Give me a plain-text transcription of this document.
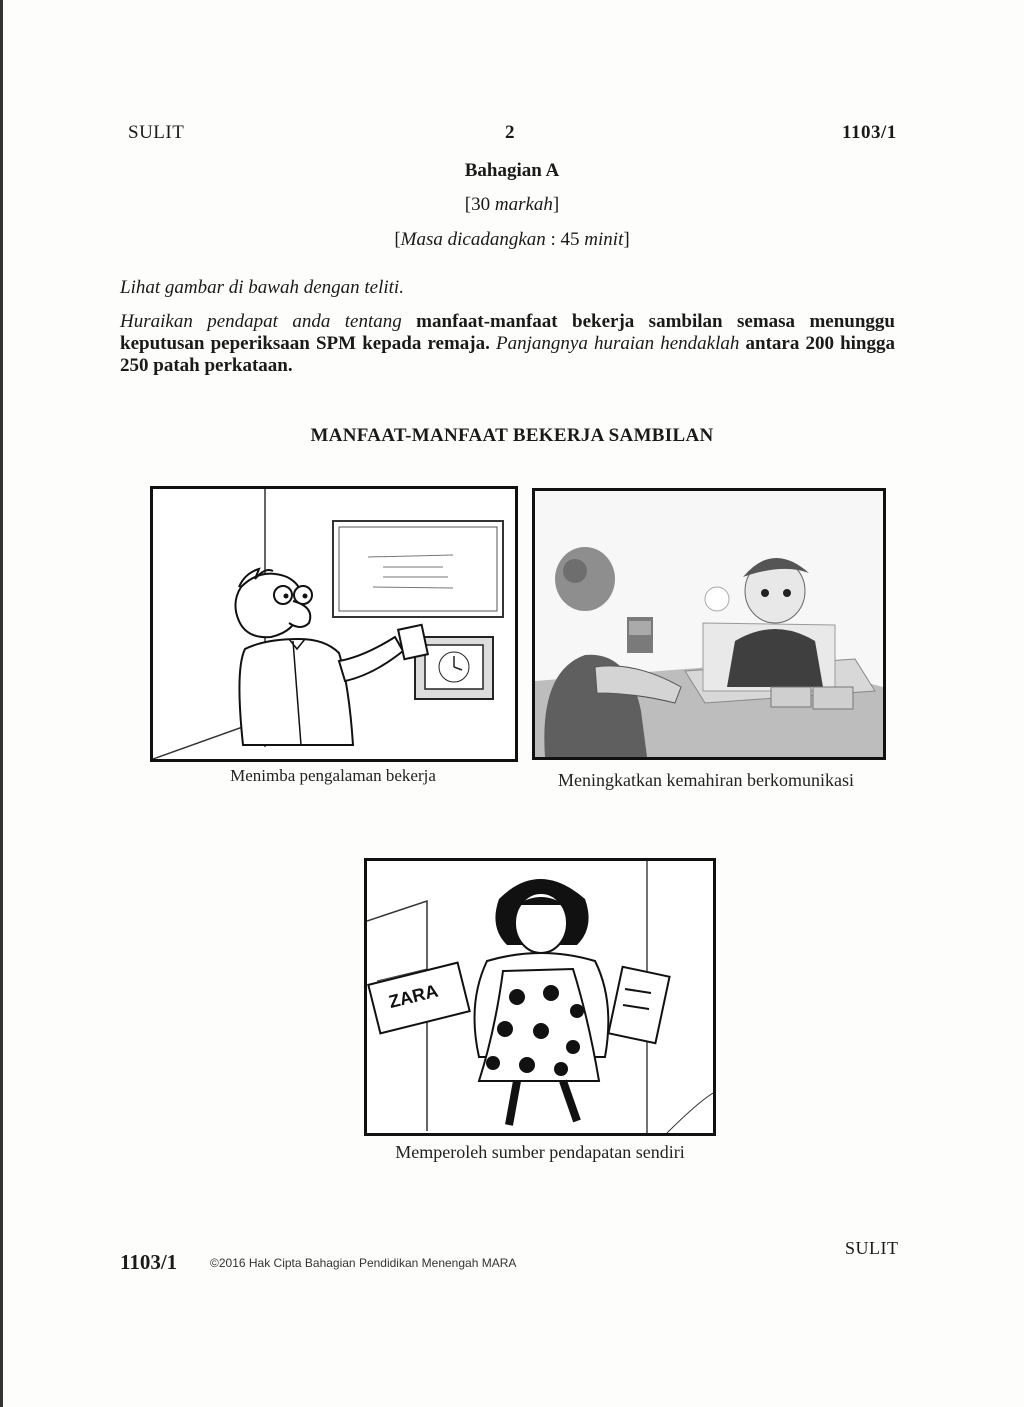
SULIT	2	1103/1
Bahagian A
[30 markah]
[Masa dicadangkan : 45 minit]
Lihat gambar di bawah dengan teliti.
Huraikan pendapat anda tentang manfaat-manfaat bekerja sambilan semasa menunggu keputusan peperiksaan SPM kepada remaja. Panjangnya huraian hendaklah antara 200 hingga 250 patah perkataan.
MANFAAT-MANFAAT BEKERJA SAMBILAN
Menimba pengalaman bekerja	Meningkatkan kemahiran berkomunikasi
ZARA
Memperoleh sumber pendapatan sendiri
1103/1	©2016 Hak Cipta Bahagian Pendidikan Menengah MARA
SULIT
